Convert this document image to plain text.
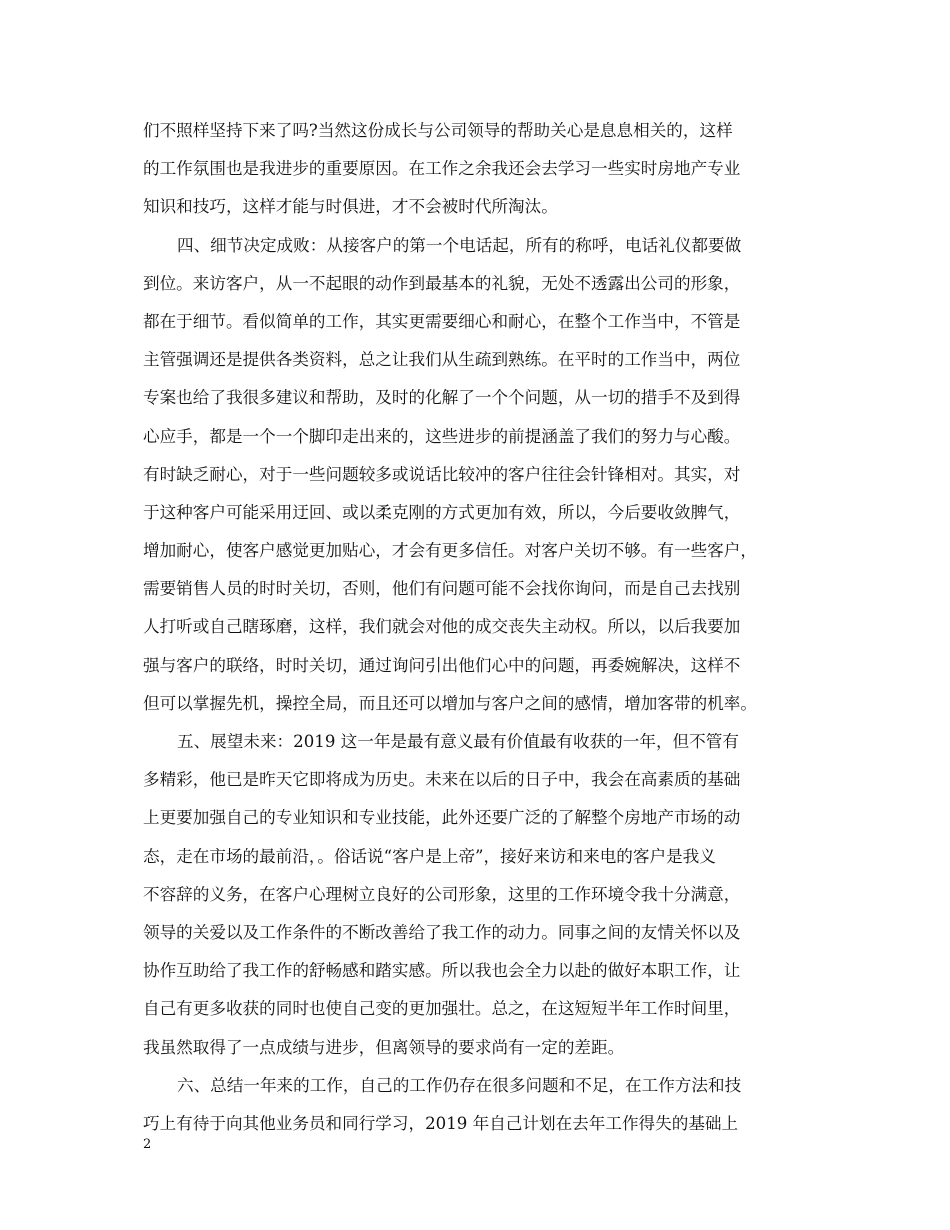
们不照样坚持下来了吗?当然这份成长与公司领导的帮助关心是息息相关的，这样
的工作氛围也是我进步的重要原因。在工作之余我还会去学习一些实时房地产专业
知识和技巧，这样才能与时俱进，才不会被时代所淘汰。
四、细节决定成败：从接客户的第一个电话起，所有的称呼，电话礼仪都要做
到位。来访客户，从一不起眼的动作到最基本的礼貌，无处不透露出公司的形象，
都在于细节。看似简单的工作，其实更需要细心和耐心，在整个工作当中，不管是
主管强调还是提供各类资料，总之让我们从生疏到熟练。在平时的工作当中，两位
专案也给了我很多建议和帮助，及时的化解了一个个问题，从一切的措手不及到得
心应手，都是一个一个脚印走出来的，这些进步的前提涵盖了我们的努力与心酸。
有时缺乏耐心，对于一些问题较多或说话比较冲的客户往往会针锋相对。其实，对
于这种客户可能采用迂回、或以柔克刚的方式更加有效，所以，今后要收敛脾气，
增加耐心，使客户感觉更加贴心，才会有更多信任。对客户关切不够。有一些客户，
需要销售人员的时时关切，否则，他们有问题可能不会找你询问，而是自己去找别
人打听或自己瞎琢磨，这样，我们就会对他的成交丧失主动权。所以，以后我要加
强与客户的联络，时时关切，通过询问引出他们心中的问题，再委婉解决，这样不
但可以掌握先机，操控全局，而且还可以增加与客户之间的感情，增加客带的机率。
五、展望未来：2019 这一年是最有意义最有价值最有收获的一年，但不管有
多精彩，他已是昨天它即将成为历史。未来在以后的日子中，我会在高素质的基础
上更要加强自己的专业知识和专业技能，此外还要广泛的了解整个房地产市场的动
态，走在市场的最前沿，。俗话说“客户是上帝”，接好来访和来电的客户是我义
不容辞的义务，在客户心理树立良好的公司形象，这里的工作环境令我十分满意，
领导的关爱以及工作条件的不断改善给了我工作的动力。同事之间的友情关怀以及
协作互助给了我工作的舒畅感和踏实感。所以我也会全力以赴的做好本职工作，让
自己有更多收获的同时也使自己变的更加强壮。总之，在这短短半年工作时间里，
我虽然取得了一点成绩与进步，但离领导的要求尚有一定的差距。
六、总结一年来的工作，自己的工作仍存在很多问题和不足，在工作方法和技
巧上有待于向其他业务员和同行学习，2019 年自己计划在去年工作得失的基础上
2
